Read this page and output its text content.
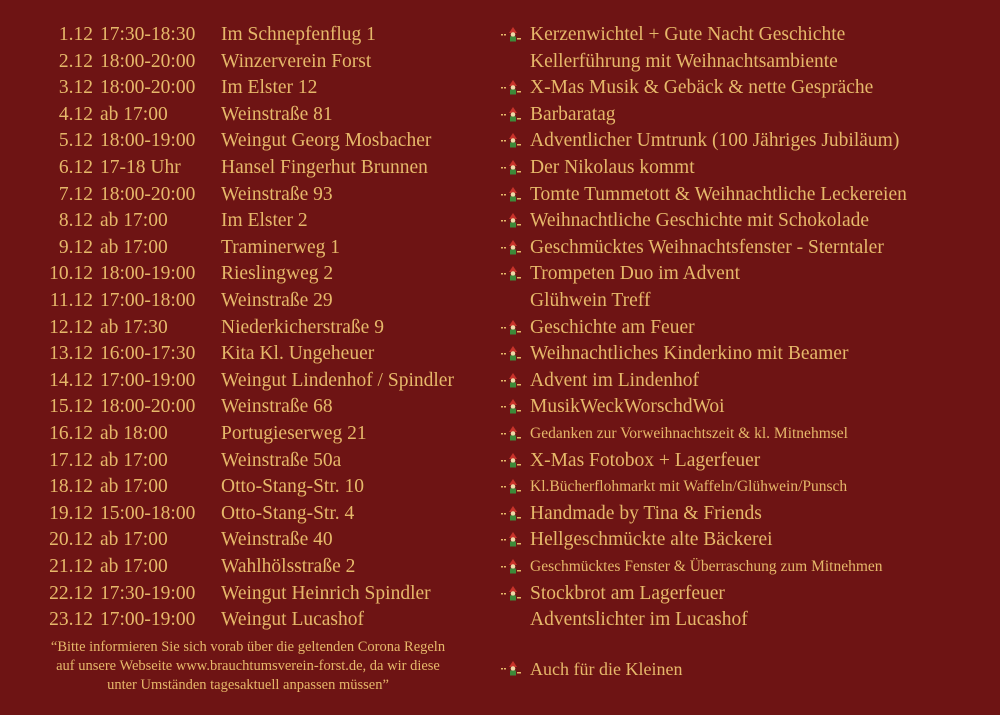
1.12 17:30-18:30 Im Schnepfenflug 1	Kerzenwichtel + Gute Nacht Geschichte
2.12 18:00-20:00 Winzerverein Forst	Kellerführung mit Weihnachtsambiente
3.12 18:00-20:00 Im Elster 12	X-Mas Musik & Gebäck & nette Gespräche
4.12 ab 17:00	Weinstraße 81	Barbaratag
5.12 18:00-19:00 Weingut Georg Mosbacher	Adventlicher Umtrunk (100 Jähriges Jubiläum)
6.12 17-18 Uhr Hansel Fingerhut Brunnen	Der Nikolaus kommt
7.12 18:00-20:00 Weinstraße 93	Tomte Tummetott & Weihnachtliche Leckereien
8.12 ab 17:00	Im Elster 2	Weihnachtliche Geschichte mit Schokolade
9.12 ab 17:00	Traminerweg 1	Geschmücktes Weihnachtsfenster - Sterntaler
10.12 18:00-19:00 Rieslingweg 2	Trompeten Duo im Advent
11.12 17:00-18:00 Weinstraße 29	Glühwein Treff
12.12 ab 17:30	Niederkicherstraße 9	Geschichte am Feuer
13.12 16:00-17:30 Kita Kl. Ungeheuer	Weihnachtliches Kinderkino mit Beamer
14.12 17:00-19:00 Weingut Lindenhof / Spindler	Advent im Lindenhof
15.12 18:00-20:00 Weinstraße 68	MusikWeckWorschdWoi
16.12 ab 18:00	Portugieserweg 21	Gedanken zur Vorweihnachtszeit & kl. Mitnehmsel
17.12 ab 17:00	Weinstraße 50a	X-Mas Fotobox + Lagerfeuer
18.12 ab 17:00	Otto-Stang-Str. 10	Kl.Bücherflohmarkt mit Waffeln/Glühwein/Punsch
19.12 15:00-18:00 Otto-Stang-Str. 4	Handmade by Tina & Friends
20.12 ab 17:00	Weinstraße 40	Hellgeschmückte alte Bäckerei
21.12 ab 17:00	Wahlhölsstraße 2	Geschmücktes Fenster & Überraschung zum Mitnehmen
22.12 17:30-19:00 Weingut Heinrich Spindler	Stockbrot am Lagerfeuer
23.12 17:00-19:00 Weingut Lucashof	Adventslichter im Lucashof
“Bitte informieren Sie sich vorab über die geltenden Corona Regeln
auf unsere Webseite www.brauchtumsverein-forst.de, da wir diese
unter Umständen tagesaktuell anpassen müssen”
Auch für die Kleinen
